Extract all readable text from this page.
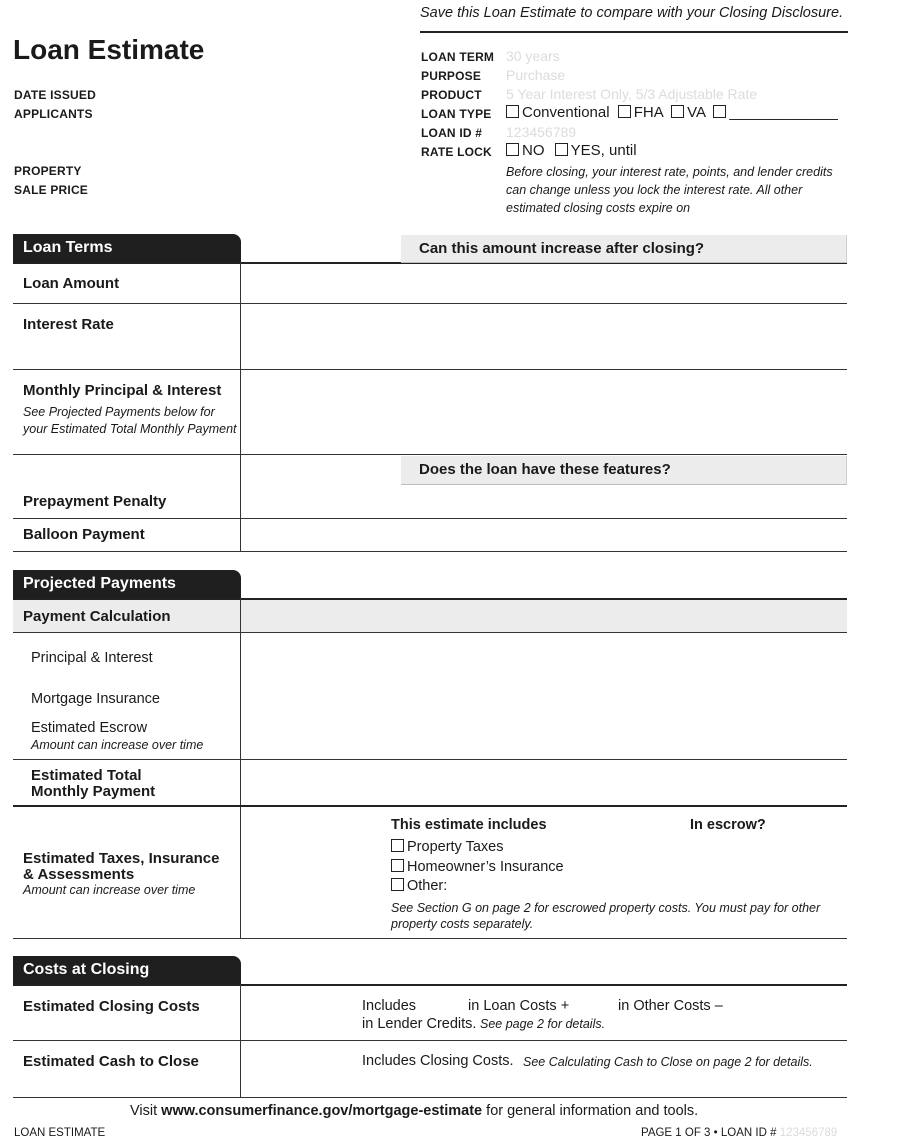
Save this Loan Estimate to compare with your Closing Disclosure.
Loan Estimate
DATE ISSUED
APPLICANTS
PROPERTY
SALE PRICE
LOAN TERM 30 years
PURPOSE Purchase
PRODUCT 5 Year Interest Only, 5/3 Adjustable Rate
LOAN TYPE	Conventional FHA VA _____________
LOAN ID # 123456789
RATE LOCK	NO YES, until
Before closing, your interest rate, points, and lender credits can change unless you lock the interest rate. All other estimated closing costs expire on
Loan Terms	Can this amount increase after closing?
Loan Amount
Interest Rate
Monthly Principal & Interest
See Projected Payments below for your Estimated Total Monthly Payment
Does the loan have these features?
Prepayment Penalty
Balloon Payment
Projected Payments
Payment Calculation
Principal & Interest
Mortgage Insurance
Estimated Escrow
Amount can increase over time
Estimated Total
Monthly Payment
Estimated Taxes, Insurance
& Assessments
Amount can increase over time
This estimate includes	In escrow?
Property Taxes
Homeowner’s Insurance
Other:
See Section G on page 2 for escrowed property costs. You must pay for other property costs separately.
Costs at Closing
Estimated Closing Costs	Includes	in Loan Costs +	in Other Costs –
in Lender Credits. See page 2 for details.
Estimated Cash to Close	Includes Closing Costs. See Calculating Cash to Close on page 2 for details.
Visit www.consumerfinance.gov/mortgage-estimate for general information and tools.
LOAN ESTIMATE	PAGE 1 OF 3 • LOAN ID # 123456789
